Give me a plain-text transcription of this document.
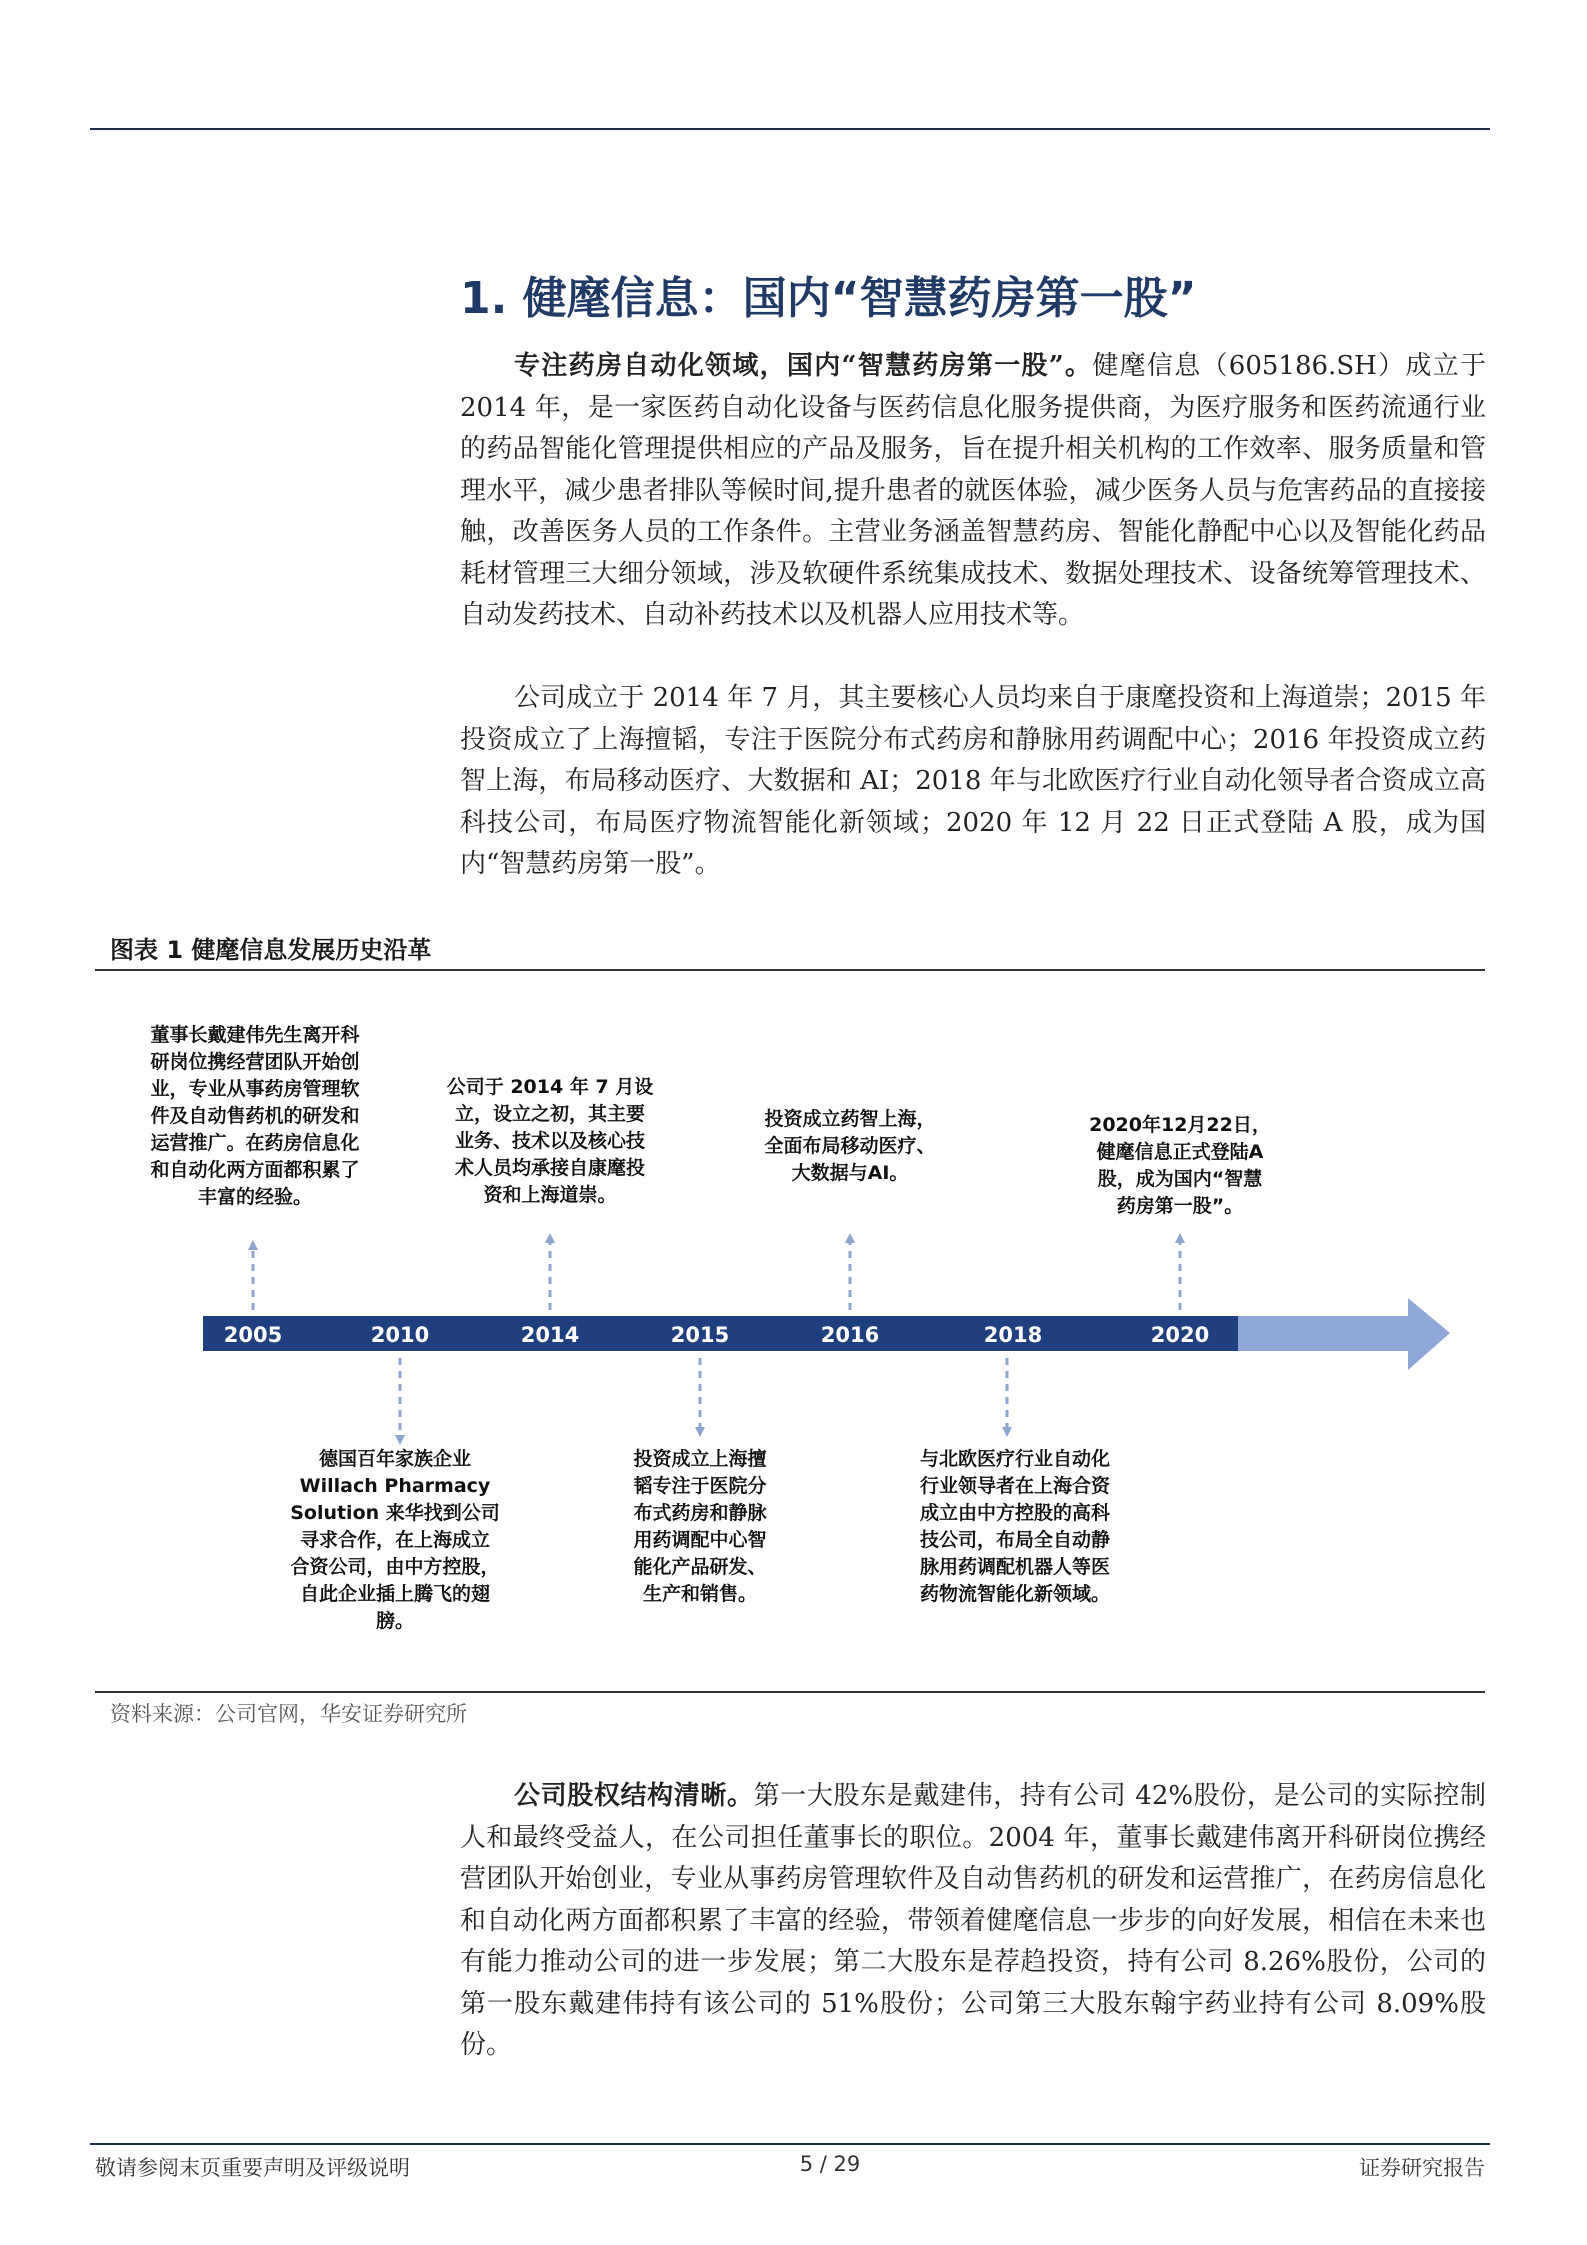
1. 健麾信息：国内“智慧药房第一股”
专注药房自动化领域，国内“智慧药房第一股”。健麾信息（605186.SH）成立于 2014 年，是一家医药自动化设备与医药信息化服务提供商，为医疗服务和医药流通行业的药品智能化管理提供相应的产品及服务，旨在提升相关机构的工作效率、服务质量和管理水平，减少患者排队等候时间,提升患者的就医体验，减少医务人员与危害药品的直接接触，改善医务人员的工作条件。主营业务涵盖智慧药房、智能化静配中心以及智能化药品耗材管理三大细分领域，涉及软硬件系统集成技术、数据处理技术、设备统筹管理技术、自动发药技术、自动补药技术以及机器人应用技术等。
公司成立于 2014 年 7 月，其主要核心人员均来自于康麾投资和上海道崇；2015 年投资成立了上海擅韬，专注于医院分布式药房和静脉用药调配中心；2016 年投资成立药智上海，布局移动医疗、大数据和 AI；2018 年与北欧医疗行业自动化领导者合资成立高科技公司，布局医疗物流智能化新领域；2020 年 12 月 22 日正式登陆 A 股，成为国内“智慧药房第一股”。
图表 1 健麾信息发展历史沿革
2005	2010	2014	2015	2016	2018	2020
董事长戴建伟先生离开科
研岗位携经营团队开始创
业，专业从事药房管理软
件及自动售药机的研发和
运营推广。在药房信息化
和自动化两方面都积累了
丰富的经验。
公司于 2014 年 7 月设
立，设立之初，其主要
业务、技术以及核心技
术人员均承接自康麾投
资和上海道崇。
投资成立药智上海，
全面布局移动医疗、
大数据与AI。
2020年12月22日，
健麾信息正式登陆A
股，成为国内“智慧
药房第一股”。
德国百年家族企业
Willach Pharmacy
Solution 来华找到公司
寻求合作，在上海成立
合资公司，由中方控股，
自此企业插上腾飞的翅
膀。
投资成立上海擅
韬专注于医院分
布式药房和静脉
用药调配中心智
能化产品研发、
生产和销售。
与北欧医疗行业自动化
行业领导者在上海合资
成立由中方控股的高科
技公司，布局全自动静
脉用药调配机器人等医
药物流智能化新领域。
资料来源：公司官网，华安证券研究所
公司股权结构清晰。第一大股东是戴建伟，持有公司 42%股份，是公司的实际控制人和最终受益人，在公司担任董事长的职位。2004 年，董事长戴建伟离开科研岗位携经营团队开始创业，专业从事药房管理软件及自动售药机的研发和运营推广，在药房信息化和自动化两方面都积累了丰富的经验，带领着健麾信息一步步的向好发展，相信在未来也有能力推动公司的进一步发展；第二大股东是荐趋投资，持有公司 8.26%股份，公司的第一股东戴建伟持有该公司的 51%股份；公司第三大股东翰宇药业持有公司 8.09%股份。
敬请参阅末页重要声明及评级说明	5 / 29	证券研究报告
